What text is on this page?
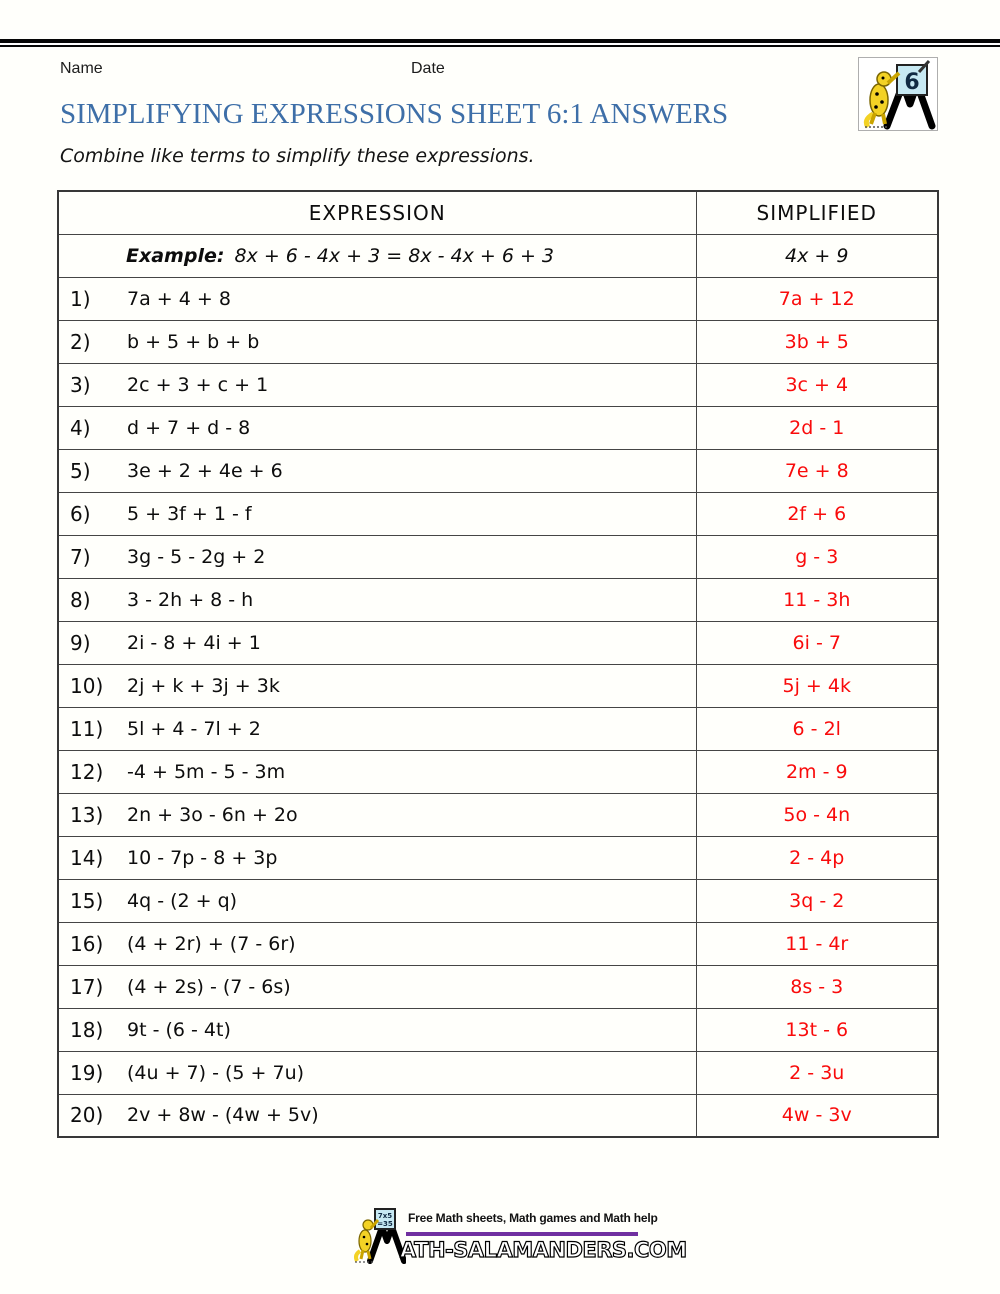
Name	Date
6
SIMPLIFYING EXPRESSIONS SHEET 6:1 ANSWERS

Combine like terms to simplify these expressions.

EXPRESSION	SIMPLIFIED
Example: 8x + 6 - 4x + 3 = 8x - 4x + 6 + 3	4x + 9
1) 7a + 4 + 8	7a + 12
2) b + 5 + b + b	3b + 5
3) 2c + 3 + c + 1	3c + 4
4) d + 7 + d - 8	2d - 1
5) 3e + 2 + 4e + 6	7e + 8
6) 5 + 3f + 1 - f	2f + 6
7) 3g - 5 - 2g + 2	g - 3
8) 3 - 2h + 8 - h	11 - 3h
9) 2i - 8 + 4i + 1	6i - 7
10) 2j + k + 3j + 3k	5j + 4k
11) 5l + 4 - 7l + 2	6 - 2l
12) -4 + 5m - 5 - 3m	2m - 9
13) 2n + 3o - 6n + 2o	5o - 4n
14) 10 - 7p - 8 + 3p	2 - 4p
15) 4q - (2 + q)	3q - 2
16) (4 + 2r) + (7 - 6r)	11 - 4r
17) (4 + 2s) - (7 - 6s)	8s - 3
18) 9t - (6 - 4t)	13t - 6
19) (4u + 7) - (5 + 7u)	2 - 3u
20) 2v + 8w - (4w + 5v)	4w - 3v
7x5
=35 Free Math sheets, Math games and Math help
ATH-SALAMANDERS.COM
